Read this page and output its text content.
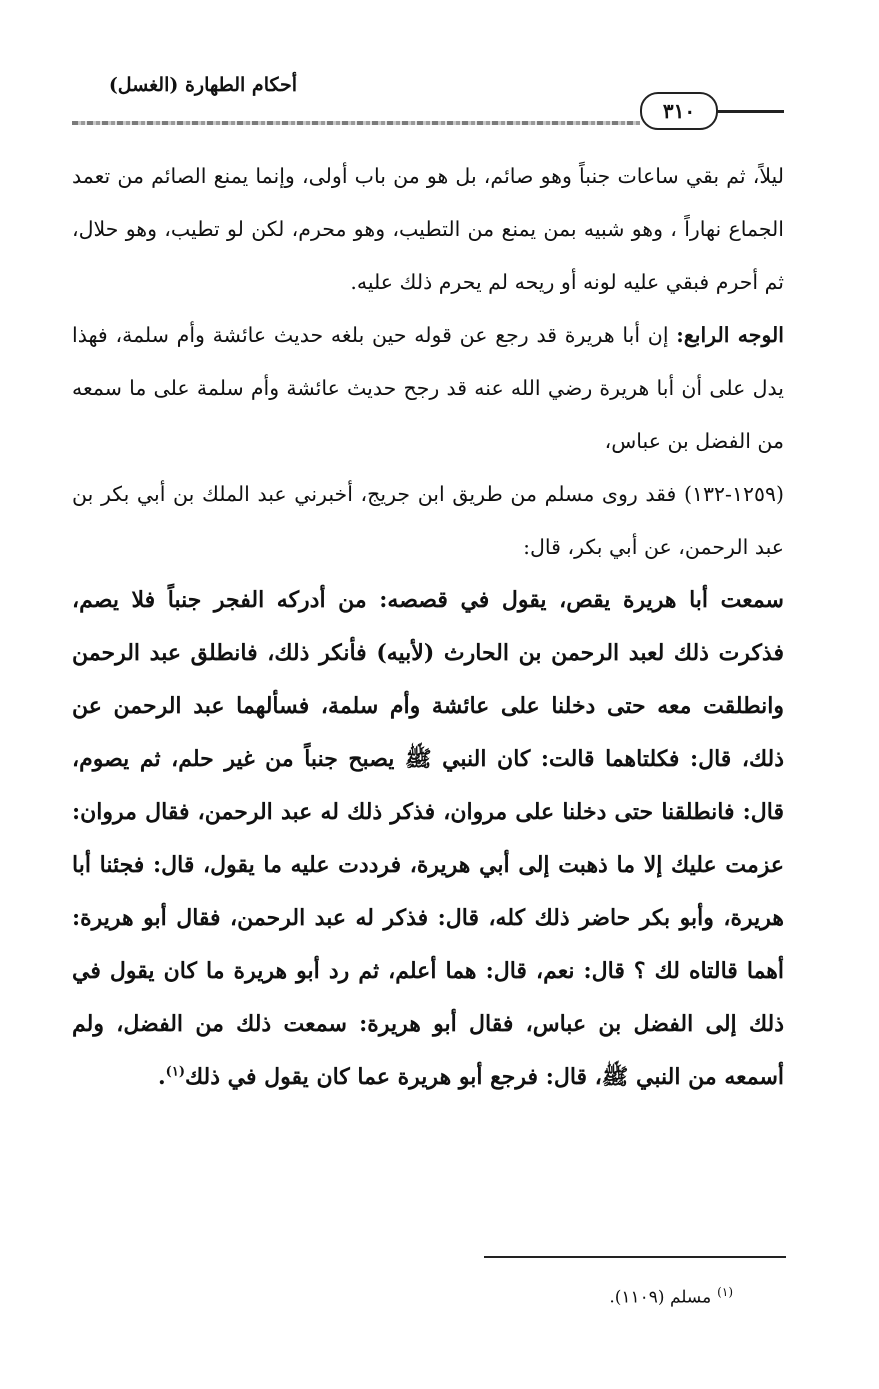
أحكام الطهارة (الغسل)
٣١٠

ليلاً، ثم بقي ساعات جنباً وهو صائم، بل هو من باب أولى، وإنما يمنع الصائم من تعمد الجماع نهاراً ، وهو شبيه بمن يمنع من التطيب، وهو محرم، لكن لو تطيب، وهو حلال، ثم أحرم فبقي عليه لونه أو ريحه لم يحرم ذلك عليه.

الوجه الرابع: إن أبا هريرة قد رجع عن قوله حين بلغه حديث عائشة وأم سلمة، فهذا يدل على أن أبا هريرة رضي الله عنه قد رجح حديث عائشة وأم سلمة على ما سمعه من الفضل بن عباس،

(١٢٥٩-١٣٢) فقد روى مسلم من طريق ابن جريج، أخبرني عبد الملك بن أبي بكر بن عبد الرحمن، عن أبي بكر، قال:

سمعت أبا هريرة يقص، يقول في قصصه: من أدركه الفجر جنباً فلا يصم، فذكرت ذلك لعبد الرحمن بن الحارث (لأبيه) فأنكر ذلك، فانطلق عبد الرحمن وانطلقت معه حتى دخلنا على عائشة وأم سلمة، فسألهما عبد الرحمن عن ذلك، قال: فكلتاهما قالت: كان النبي ﷺ يصبح جنباً من غير حلم، ثم يصوم، قال: فانطلقنا حتى دخلنا على مروان، فذكر ذلك له عبد الرحمن، فقال مروان: عزمت عليك إلا ما ذهبت إلى أبي هريرة، فرددت عليه ما يقول، قال: فجئنا أبا هريرة، وأبو بكر حاضر ذلك كله، قال: فذكر له عبد الرحمن، فقال أبو هريرة: أهما قالتاه لك ؟ قال: نعم، قال: هما أعلم، ثم رد أبو هريرة ما كان يقول في ذلك إلى الفضل بن عباس، فقال أبو هريرة: سمعت ذلك من الفضل، ولم أسمعه من النبي ﷺ، قال: فرجع أبو هريرة عما كان يقول في ذلك$^{(١)}$.

$^{(١)}$مسلم (١١٠٩).
